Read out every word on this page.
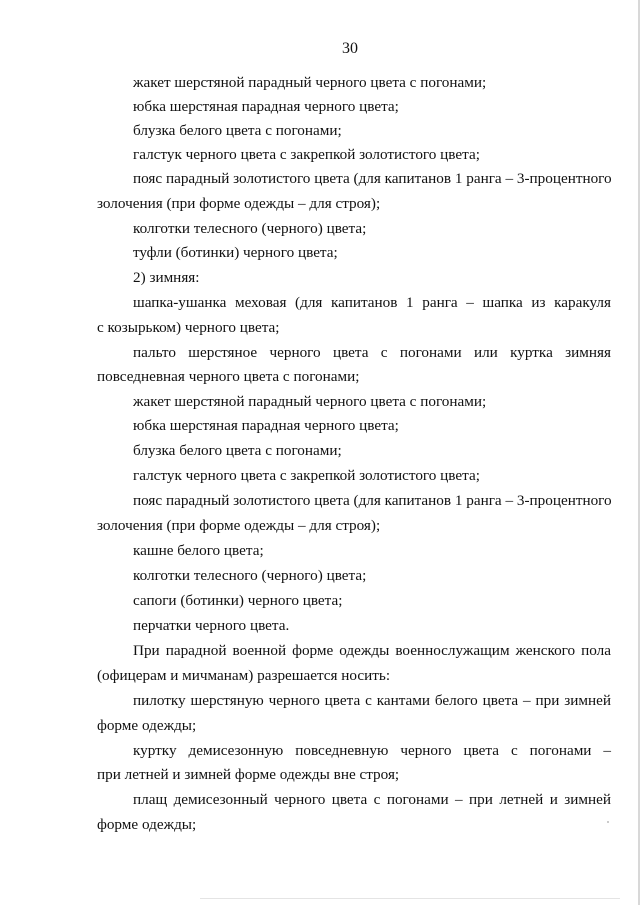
30
жакет шерстяной парадный черного цвета с погонами;
юбка шерстяная парадная черного цвета;
блузка белого цвета с погонами;
галстук черного цвета с закрепкой золотистого цвета;
пояс парадный золотистого цвета (для капитанов 1 ранга – 3-процентного
золочения (при форме одежды – для строя);
колготки телесного (черного) цвета;
туфли (ботинки) черного цвета;
2) зимняя:
шапка-ушанка меховая (для капитанов 1 ранга – шапка из каракуля
с козырьком) черного цвета;
пальто шерстяное черного цвета с погонами или куртка зимняя
повседневная черного цвета с погонами;
жакет шерстяной парадный черного цвета с погонами;
юбка шерстяная парадная черного цвета;
блузка белого цвета с погонами;
галстук черного цвета с закрепкой золотистого цвета;
пояс парадный золотистого цвета (для капитанов 1 ранга – 3-процентного
золочения (при форме одежды – для строя);
кашне белого цвета;
колготки телесного (черного) цвета;
сапоги (ботинки) черного цвета;
перчатки черного цвета.
При парадной военной форме одежды военнослужащим женского пола
(офицерам и мичманам) разрешается носить:
пилотку шерстяную черного цвета с кантами белого цвета – при зимней
форме одежды;
куртку демисезонную повседневную черного цвета с погонами –
при летней и зимней форме одежды вне строя;
плащ демисезонный черного цвета с погонами – при летней и зимней
форме одежды;
